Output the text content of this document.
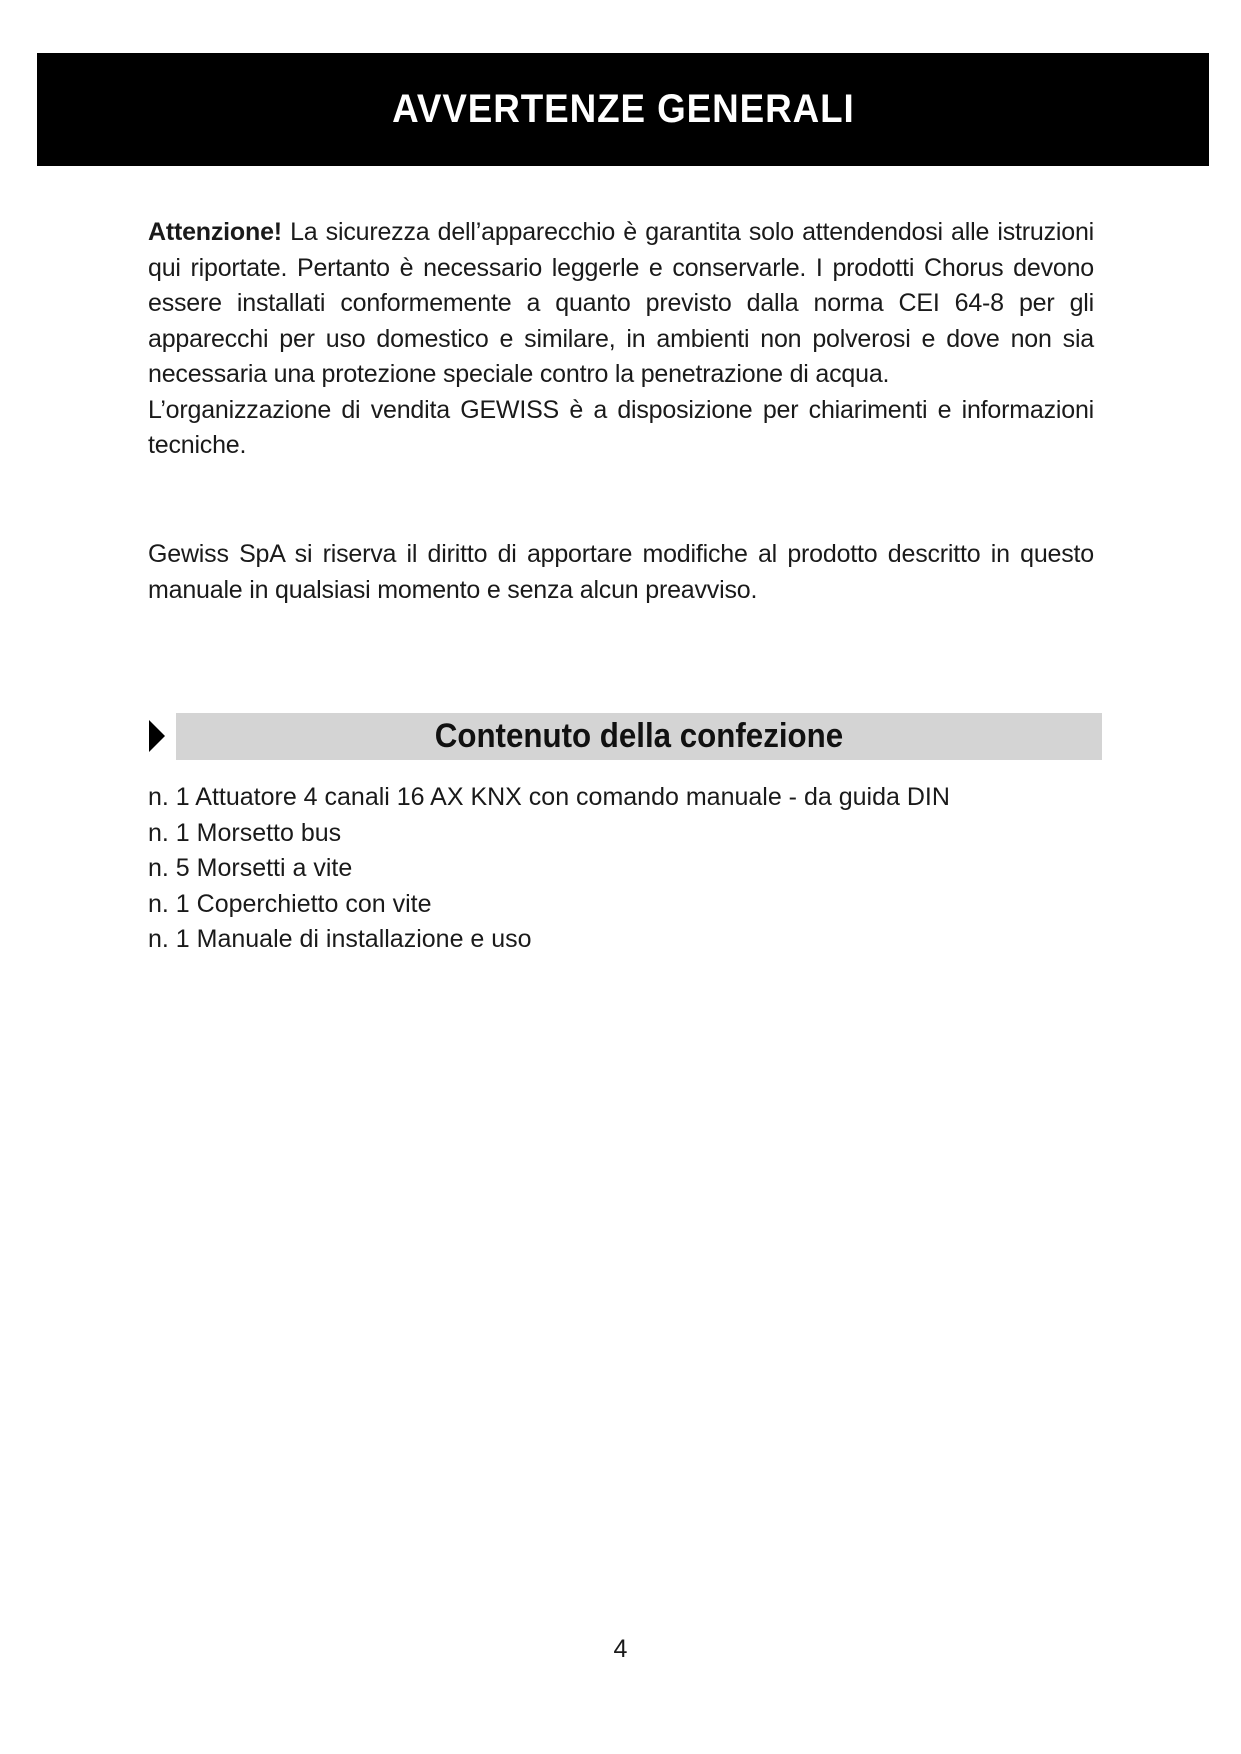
AVVERTENZE GENERALI

Attenzione! La sicurezza dell’apparecchio è garantita solo attendendosi alle istruzioni qui riportate. Pertanto è necessario leggerle e conservarle. I prodotti Chorus devono essere installati conformemente a quanto previsto dalla norma CEI 64-8 per gli apparecchi per uso domestico e similare, in ambienti non polverosi e dove non sia necessaria una protezione speciale contro la penetrazione di acqua.
L’organizzazione di vendita GEWISS è a disposizione per chiarimenti e informazioni tecniche.

Gewiss SpA si riserva il diritto di apportare modifiche al prodotto descritto in questo manuale in qualsiasi momento e senza alcun preavviso.

Contenuto della confezione
n. 1 Attuatore 4 canali 16 AX KNX con comando manuale - da guida DIN
n. 1 Morsetto bus
n. 5 Morsetti a vite
n. 1 Coperchietto con vite
n. 1 Manuale di installazione e uso
4
